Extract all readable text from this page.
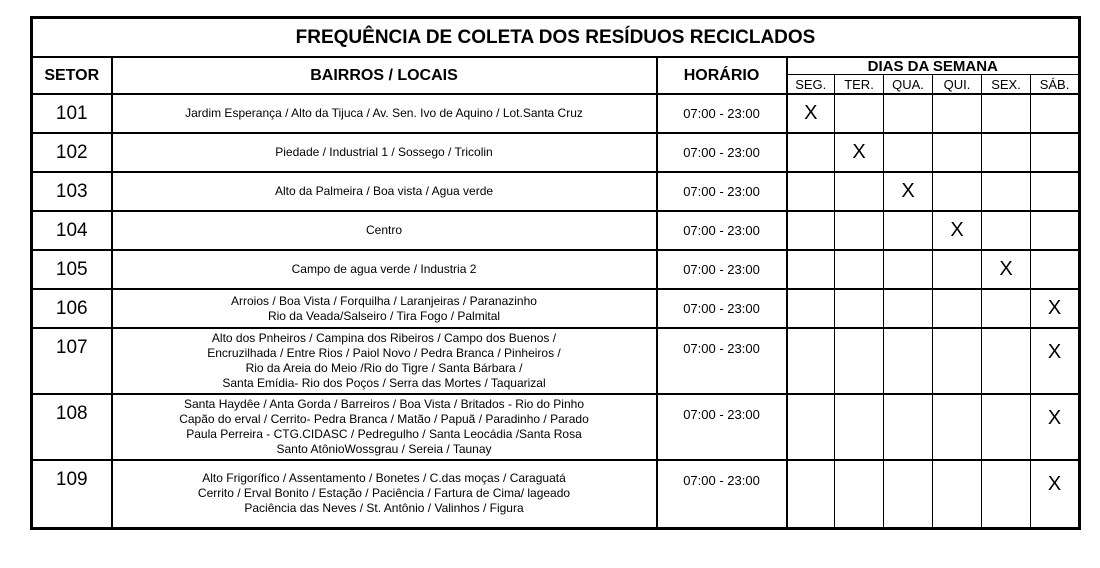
FREQUÊNCIA DE COLETA DOS RESÍDUOS RECICLADOS								
SETOR	BAIRROS / LOCAIS	HORÁRIO	DIAS DA SEMANA					
			SEG.	TER.	QUA.	QUI.	SEX.	SÁB.
101	Jardim Esperança / Alto da Tijuca / Av. Sen. Ivo de Aquino / Lot.Santa Cruz	07:00 - 23:00	X					
102	Piedade / Industrial 1 / Sossego / Tricolin	07:00 - 23:00		X				
103	Alto da Palmeira / Boa vista / Agua verde	07:00 - 23:00			X			
104	Centro	07:00 - 23:00				X		
105	Campo de agua verde / Industria 2	07:00 - 23:00					X	
106	Arroios / Boa Vista / Forquilha / Laranjeiras / Paranazinho
Rio da Veada/Salseiro / Tira Fogo / Palmital	07:00 - 23:00						X
107	Alto dos Pnheiros / Campina dos Ribeiros / Campo dos Buenos /
Encruzilhada / Entre Rios / Paiol Novo / Pedra Branca / Pinheiros /
Rio da Areia do Meio /Rio do Tigre / Santa Bárbara /
Santa Emídia- Rio dos Poços / Serra das Mortes / Taquarizal	07:00 - 23:00						X
108	Santa Haydêe / Anta Gorda / Barreiros / Boa Vista / Britados - Rio do Pinho
Capão do erval / Cerrito- Pedra Branca / Matão / Papuã / Paradinho / Parado
Paula Perreira - CTG.CIDASC / Pedregulho / Santa Leocádia /Santa Rosa
Santo AtônioWossgrau / Sereia / Taunay	07:00 - 23:00						X
109	Alto Frigorífico / Assentamento / Bonetes / C.das moças / Caraguatá
Cerrito / Erval Bonito / Estação / Paciência / Fartura de Cima/ lageado
Paciência das Neves / St. Antônio / Valinhos / Figura	07:00 - 23:00						X
